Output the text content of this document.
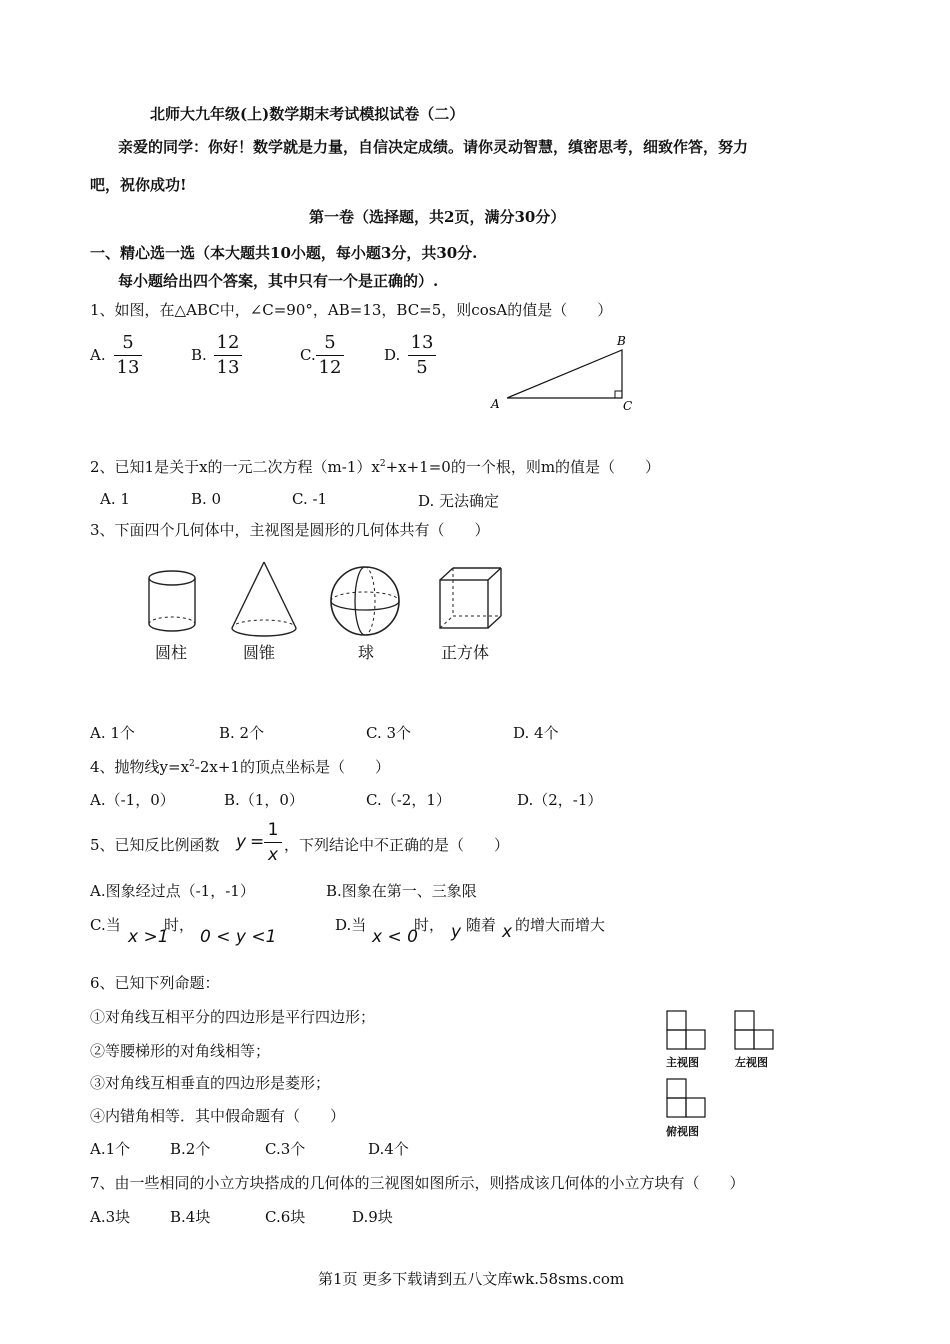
北师大九年级(上)数学期末考试模拟试卷（二）
亲爱的同学：你好！数学就是力量，自信决定成绩。请你灵动智慧，缜密思考，细致作答，努力
吧，祝你成功!
第一卷（选择题，共2页，满分30分）
一、精心选一选（本大题共10小题，每小题3分，共30分.
每小题给出四个答案，其中只有一个是正确的）.
1、如图，在△ABC中，∠C=90°，AB=13，BC=5，则cosA的值是（　　）
A.
5
13
B.
12
13
C.
5
12
D.
13
5
A
B
C
2、已知1是关于x的一元二次方程$(m-1)x^2+x+1=0$的一个根，则m的值是（　　）
A. 1	B. 0	C. -1	D. 无法确定
3、下面四个几何体中，主视图是圆形的几何体共有（　　）
圆柱	圆锥	球	正方体
A. 1个	B. 2个	C. 3个	D. 4个
4、抛物线$y=x^2-2x+1$的顶点坐标是（　　）
A.（-1，0）	B.（1，0）	C.（-2，1）	D.（2，-1）
5、已知反比例函数 y =
1
x ，下列结论中不正确的是（　　）
A.图象经过点（-1，-1）	B.图象在第一、三象限
C.当
x >1
时，
0 < y <1
D.当
x < 0
时， y 随着 x 的增大而增大
6、已知下列命题：
①对角线互相平分的四边形是平行四边形；
②等腰梯形的对角线相等；
③对角线互相垂直的四边形是菱形；
④内错角相等．其中假命题有（　　）
A.1个	B.2个	C.3个	D.4个
主视图	左视图
俯视图
7、由一些相同的小立方块搭成的几何体的三视图如图所示，则搭成该几何体的小立方块有（　　）
A.3块	B.4块	C.6块	D.9块
第1页 更多下载请到五八文库wk.58sms.com
